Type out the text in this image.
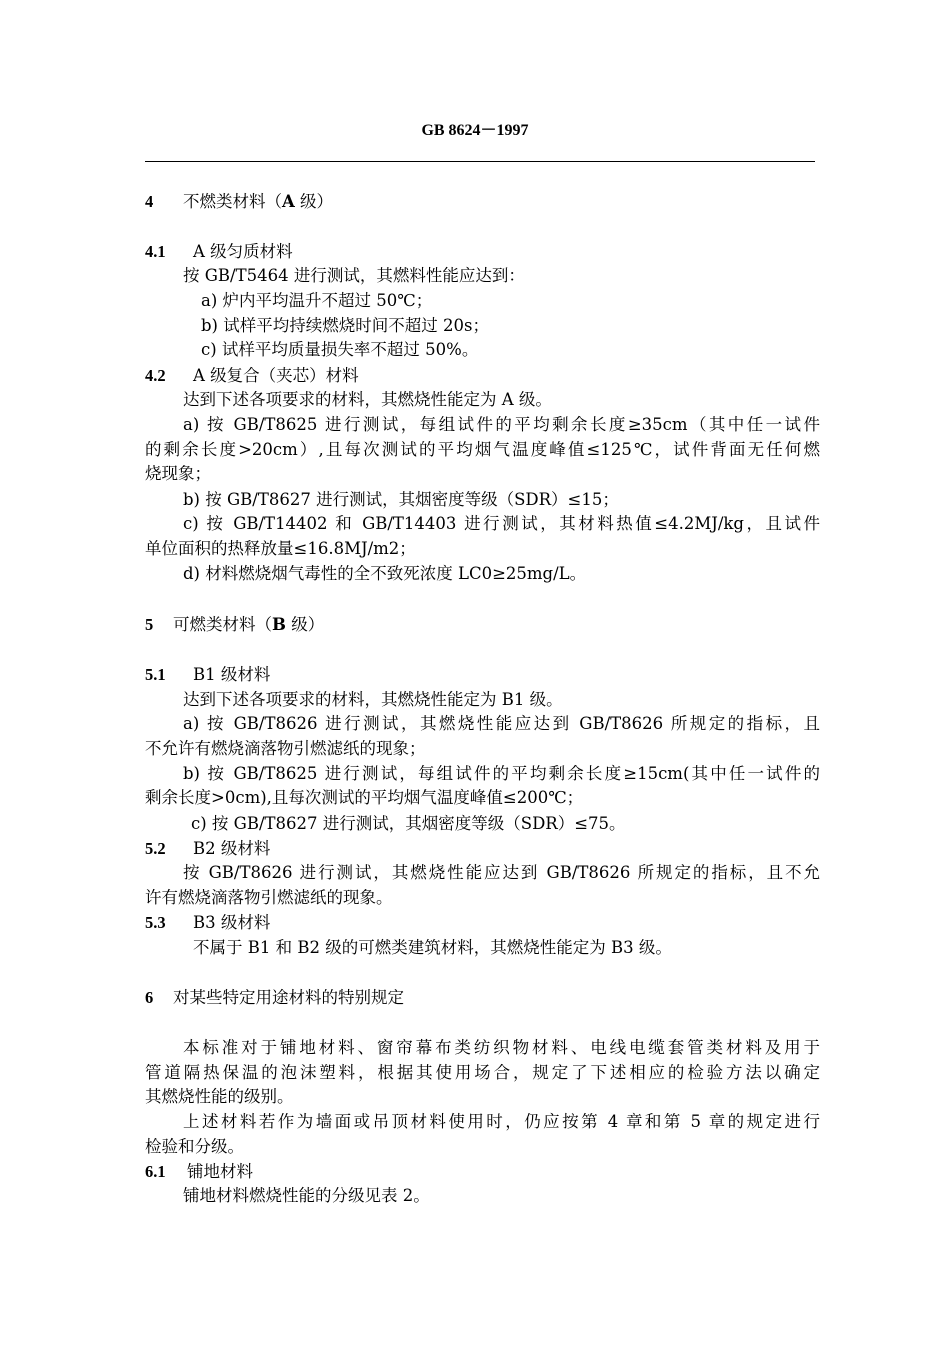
GB 8624－1997
4 不燃类材料（A 级）
4.1 A 级匀质材料
按 GB/T5464 进行测试，其燃料性能应达到：
a) 炉内平均温升不超过 50℃；
b) 试样平均持续燃烧时间不超过 20s；
c) 试样平均质量损失率不超过 50%。
4.2 A 级复合（夹芯）材料
达到下述各项要求的材料，其燃烧性能定为 A 级。
a) 按 GB/T8625 进行测试，每组试件的平均剩余长度≥35cm（其中任一试件
的剩余长度>20cm）,且每次测试的平均烟气温度峰值≤125℃，试件背面无任何燃
烧现象；
b) 按 GB/T8627 进行测试，其烟密度等级（SDR）≤15；
c) 按 GB/T14402 和 GB/T14403 进行测试，其材料热值≤4.2MJ/kg，且试件
单位面积的热释放量≤16.8MJ/m2；
d) 材料燃烧烟气毒性的全不致死浓度 LC0≥25mg/L。
5 可燃类材料（B 级）
5.1 B1 级材料
达到下述各项要求的材料，其燃烧性能定为 B1 级。
a) 按 GB/T8626 进行测试，其燃烧性能应达到 GB/T8626 所规定的指标，且
不允许有燃烧滴落物引燃滤纸的现象；
b) 按 GB/T8625 进行测试，每组试件的平均剩余长度≥15cm(其中任一试件的
剩余长度>0cm),且每次测试的平均烟气温度峰值≤200℃；
c) 按 GB/T8627 进行测试，其烟密度等级（SDR）≤75。
5.2 B2 级材料
按 GB/T8626 进行测试，其燃烧性能应达到 GB/T8626 所规定的指标，且不允
许有燃烧滴落物引燃滤纸的现象。
5.3 B3 级材料
不属于 B1 和 B2 级的可燃类建筑材料，其燃烧性能定为 B3 级。
6 对某些特定用途材料的特别规定
本标准对于铺地材料、窗帘幕布类纺织物材料、电线电缆套管类材料及用于
管道隔热保温的泡沫塑料，根据其使用场合，规定了下述相应的检验方法以确定
其燃烧性能的级别。
上述材料若作为墙面或吊顶材料使用时，仍应按第 4 章和第 5 章的规定进行
检验和分级。
6.1 铺地材料
铺地材料燃烧性能的分级见表 2。
